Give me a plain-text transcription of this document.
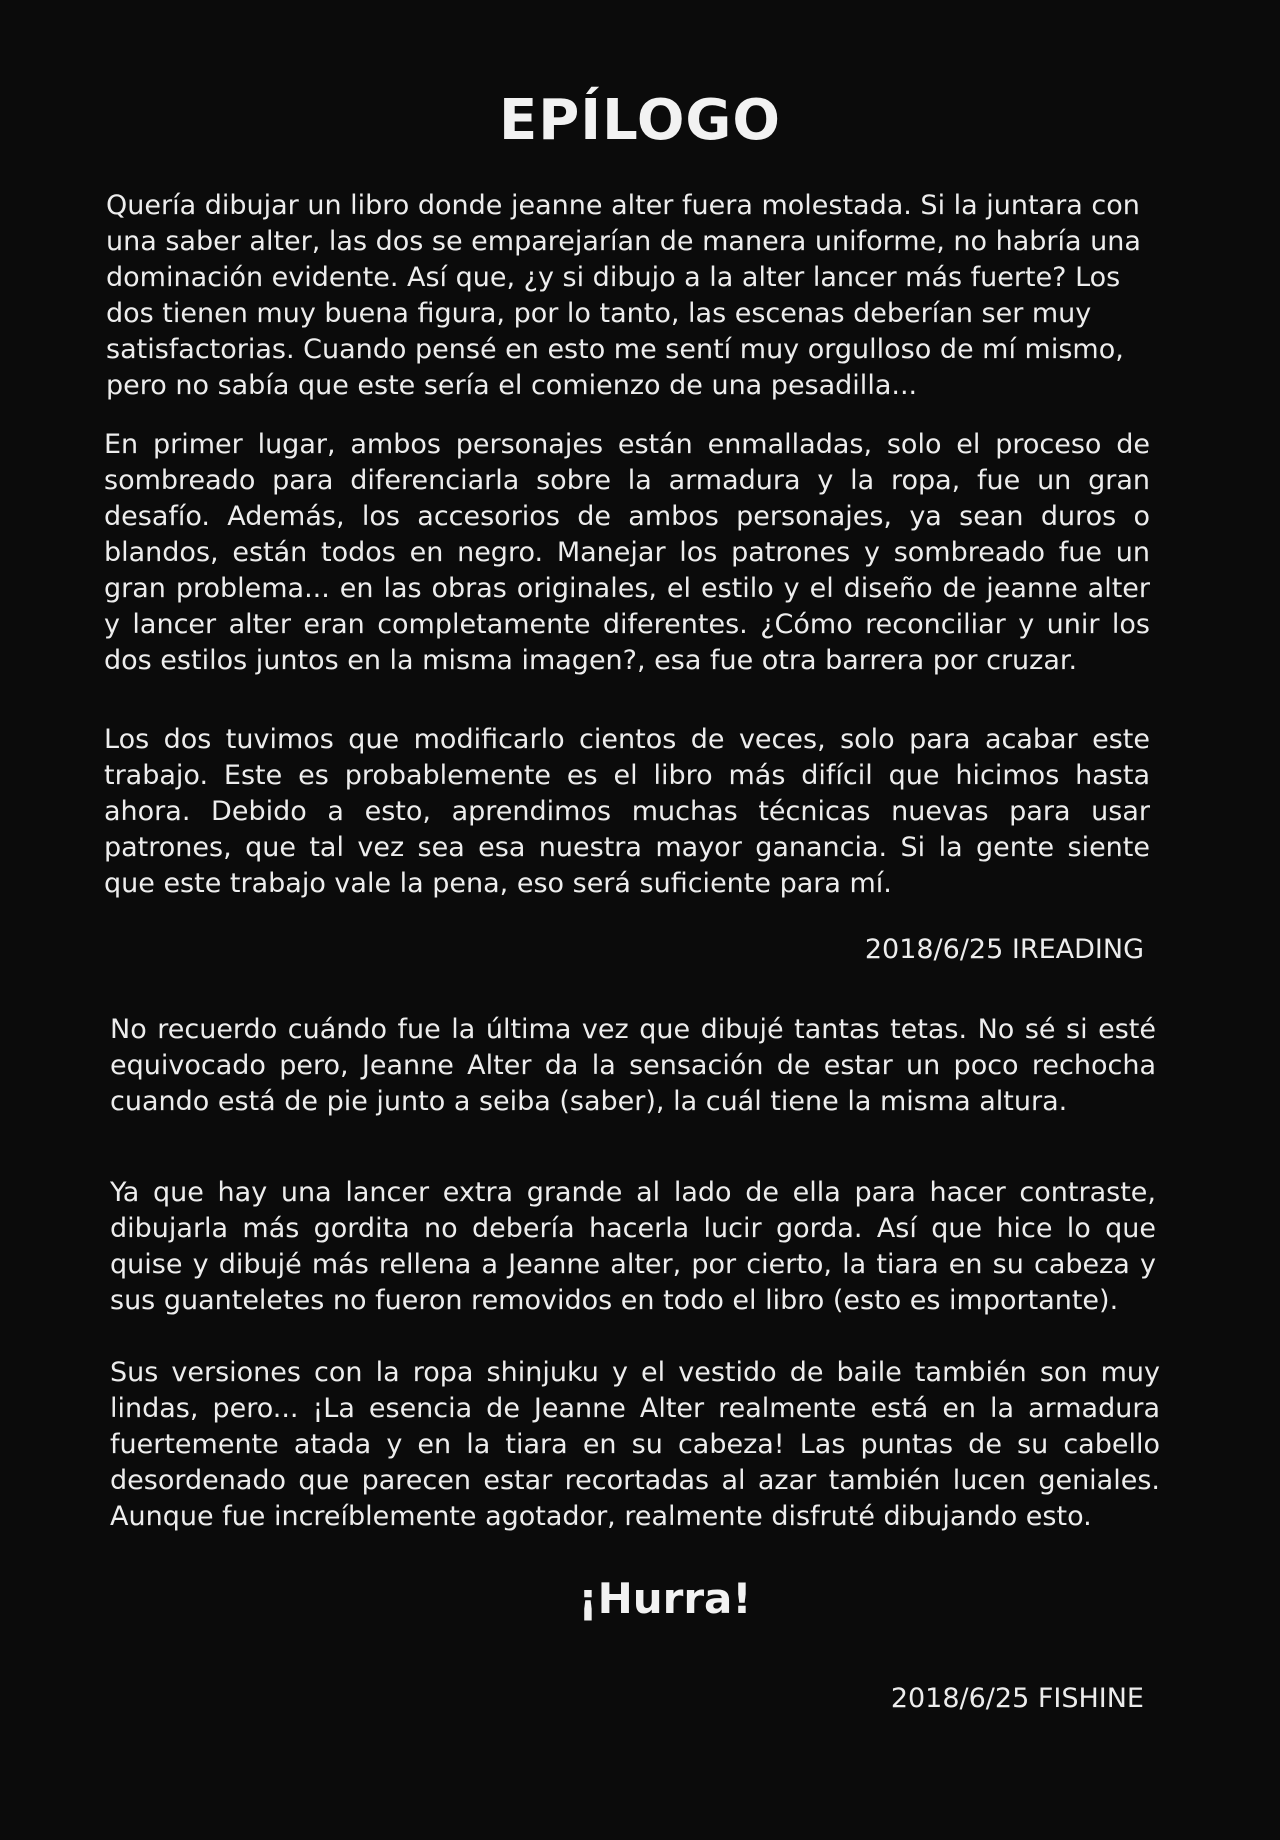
EPÍLOGO

Quería dibujar un libro donde jeanne alter fuera molestada. Si la juntara con una saber alter, las dos se emparejarían de manera uniforme, no habría una dominación evidente. Así que, ¿y si dibujo a la alter lancer más fuerte? Los dos tienen muy buena figura, por lo tanto, las escenas deberían ser muy satisfactorias. Cuando pensé en esto me sentí muy orgulloso de mí mismo, pero no sabía que este sería el comienzo de una pesadilla...

En primer lugar, ambos personajes están enmalladas, solo el proceso de sombreado para diferenciarla sobre la armadura y la ropa, fue un gran desafío. Además, los accesorios de ambos personajes, ya sean duros o blandos, están todos en negro. Manejar los patrones y sombreado fue un gran problema... en las obras originales, el estilo y el diseño de jeanne alter y lancer alter eran completamente diferentes. ¿Cómo reconciliar y unir los dos estilos juntos en la misma imagen?, esa fue otra barrera por cruzar.

Los dos tuvimos que modificarlo cientos de veces, solo para acabar este trabajo. Este es probablemente es el libro más difícil que hicimos hasta ahora. Debido a esto, aprendimos muchas técnicas nuevas para usar patrones, que tal vez sea esa nuestra mayor ganancia. Si la gente siente que este trabajo vale la pena, eso será suficiente para mí.

2018/6/25 IREADING

No recuerdo cuándo fue la última vez que dibujé tantas tetas. No sé si esté equivocado pero, Jeanne Alter da la sensación de estar un poco rechocha cuando está de pie junto a seiba (saber), la cuál tiene la misma altura.

Ya que hay una lancer extra grande al lado de ella para hacer contraste, dibujarla más gordita no debería hacerla lucir gorda. Así que hice lo que quise y dibujé más rellena a Jeanne alter, por cierto, la tiara en su cabeza y sus guanteletes no fueron removidos en todo el libro (esto es importante).

Sus versiones con la ropa shinjuku y el vestido de baile también son muy lindas, pero... ¡La esencia de Jeanne Alter realmente está en la armadura fuertemente atada y en la tiara en su cabeza! Las puntas de su cabello desordenado que parecen estar recortadas al azar también lucen geniales. Aunque fue increíblemente agotador, realmente disfruté dibujando esto.

¡Hurra!

2018/6/25 FISHINE
